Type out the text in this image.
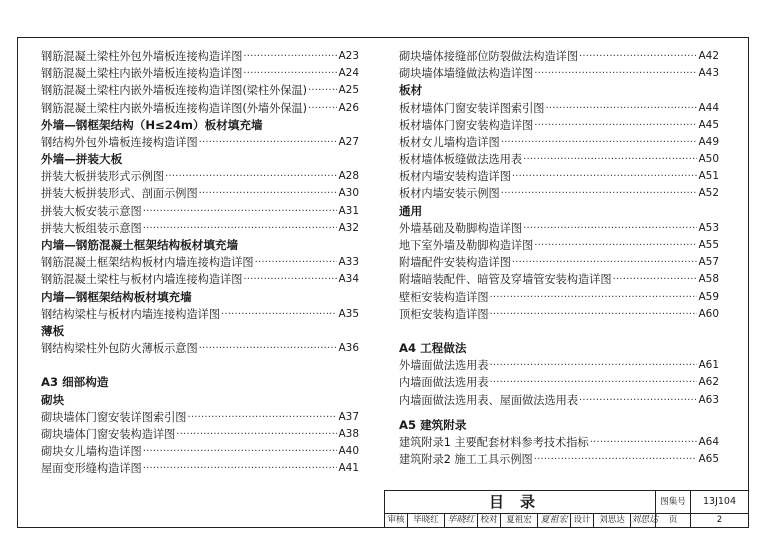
钢筋混凝土梁柱外包外墙板连接构造详图 ·····	A23
钢筋混凝土梁柱内嵌外墙板连接构造详图 ·····	A24
钢筋混凝土梁柱内嵌外墙板连接构造详图(梁柱外保温) ·····	A25
钢筋混凝土梁柱内嵌外墙板连接构造详图(外墙外保温) ·····	A26
外墙—钢框架结构（H≤24m）板材填充墙
钢结构外包外墙板连接构造详图 ·····	A27
外墙—拼装大板
拼装大板拼装形式示例图 ·····	A28
拼装大板拼装形式、剖面示例图 ·····	A30
拼装大板安装示意图 ·····	A31
拼装大板组装示意图 ·····	A32
内墙—钢筋混凝土框架结构板材填充墙
钢筋混凝土框架结构板材内墙连接构造详图 ·····	A33
钢筋混凝土梁柱与板材内墙连接构造详图 ·····	A34
内墙—钢框架结构板材填充墙
钢结构梁柱与板材内墙连接构造详图 ·····	A35
薄板
钢结构梁柱外包防火薄板示意图 ·····	A36
A3 细部构造
砌块
砌块墙体门窗安装详图索引图 ·····	A37
砌块墙体门窗安装构造详图 ·····	A38
砌块女儿墙构造详图 ·····	A40
屋面变形缝构造详图 ·····	A41
砌块墙体接缝部位防裂做法构造详图 ·····	A42
砌块墙体墙缝做法构造详图 ·····	A43
板材
板材墙体门窗安装详图索引图 ·····	A44
板材墙体门窗安装构造详图 ·····	A45
板材女儿墙构造详图 ·····	A49
板材墙体板缝做法选用表 ·····	A50
板材内墙安装构造详图 ·····	A51
板材内墙安装示例图 ·····	A52
通用
外墙基础及勒脚构造详图 ·····	A53
地下室外墙及勒脚构造详图 ·····	A55
附墙配件安装构造详图 ·····	A57
附墙暗装配件、暗管及穿墙管安装构造详图 ·····	A58
壁柜安装构造详图 ·····	A59
顶柜安装构造详图 ·····	A60
A4 工程做法
外墙面做法选用表 ·····	A61
内墙面做法选用表 ·····	A62
内墙面做法选用表、屋面做法选用表 ·····	A63
A5 建筑附录
建筑附录1 主要配套材料参考技术指标 ·····	A64
建筑附录2 施工工具示例图 ·····	A65
目录	图集号	13J104
审核	毕晓红 毕晓红 校对	夏祖宏 夏祖宏 设计	刘思达 刘思达	页	2
